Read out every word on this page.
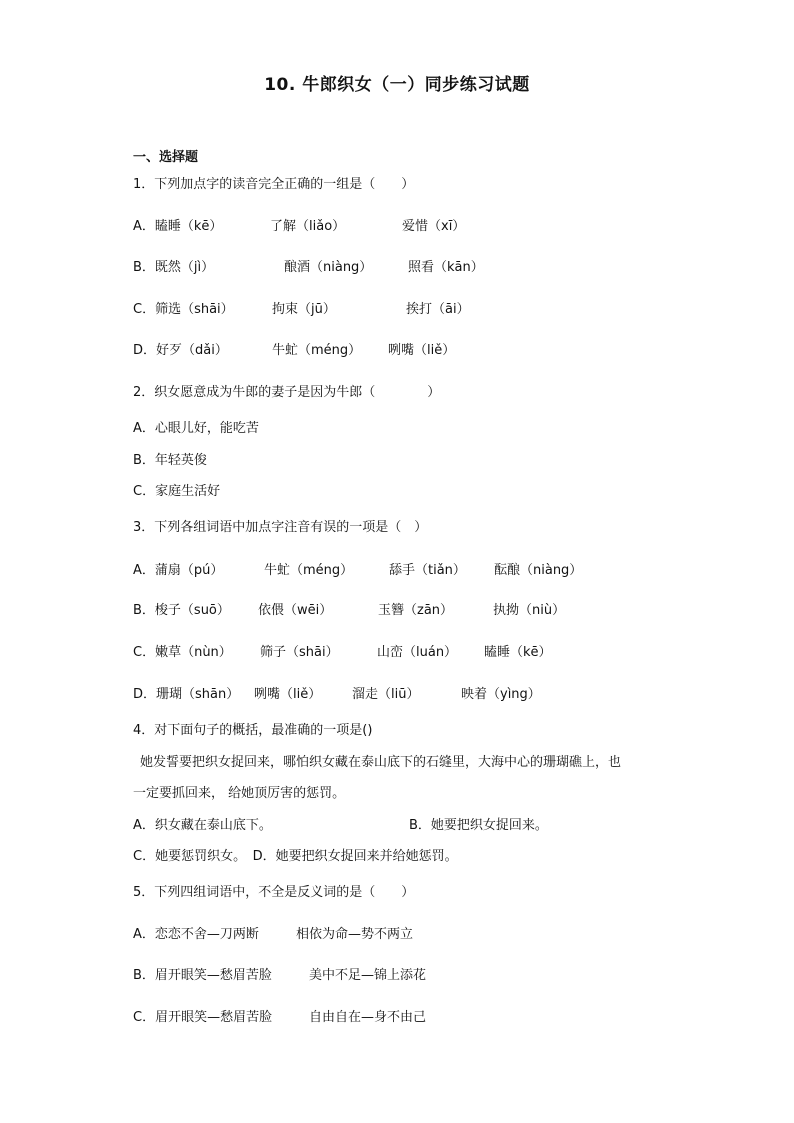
10. 牛郎织女（一）同步练习试题
一、选择题
1．下列加点字的读音完全正确的一组是（　　）
A．瞌睡（kē）	了解（liǎo）	爱惜（xī）
B．既然（jì）	酿酒（niàng）	照看（kān）
C．筛选（shāi）	拘束（jū）	挨打（āi）
D．好歹（dǎi）	牛虻（méng） 咧嘴（liě）
2．织女愿意成为牛郎的妻子是因为牛郎（　　　　）
A．心眼儿好，能吃苦
B．年轻英俊
C．家庭生活好
3．下列各组词语中加点字注音有误的一项是（　）
A．蒲扇（pú）	牛虻（méng）	舔手（tiǎn） 酝酿（niàng）
B．梭子（suō） 依偎（wēi）	玉簪（zān）	执拗（niù）
C．嫩草（nùn） 筛子（shāi）	山峦（luán） 瞌睡（kē）
D．珊瑚（shān） 咧嘴（liě） 溜走（liū）	映着（yìng）
4．对下面句子的概括，最准确的一项是()
她发誓要把织女捉回来，哪怕织女藏在泰山底下的石缝里，大海中心的珊瑚礁上，也
一定要抓回来， 给她顶厉害的惩罚。
A．织女藏在泰山底下。	B．她要把织女捉回来。
C．她要惩罚织女。　D．她要把织女捉回来并给她惩罚。
5．下列四组词语中，不全是反义词的是（　　）
A．恋恋不舍—刀两断	相依为命—势不两立
B．眉开眼笑—愁眉苦脸	美中不足—锦上添花
C．眉开眼笑—愁眉苦脸	自由自在—身不由己
